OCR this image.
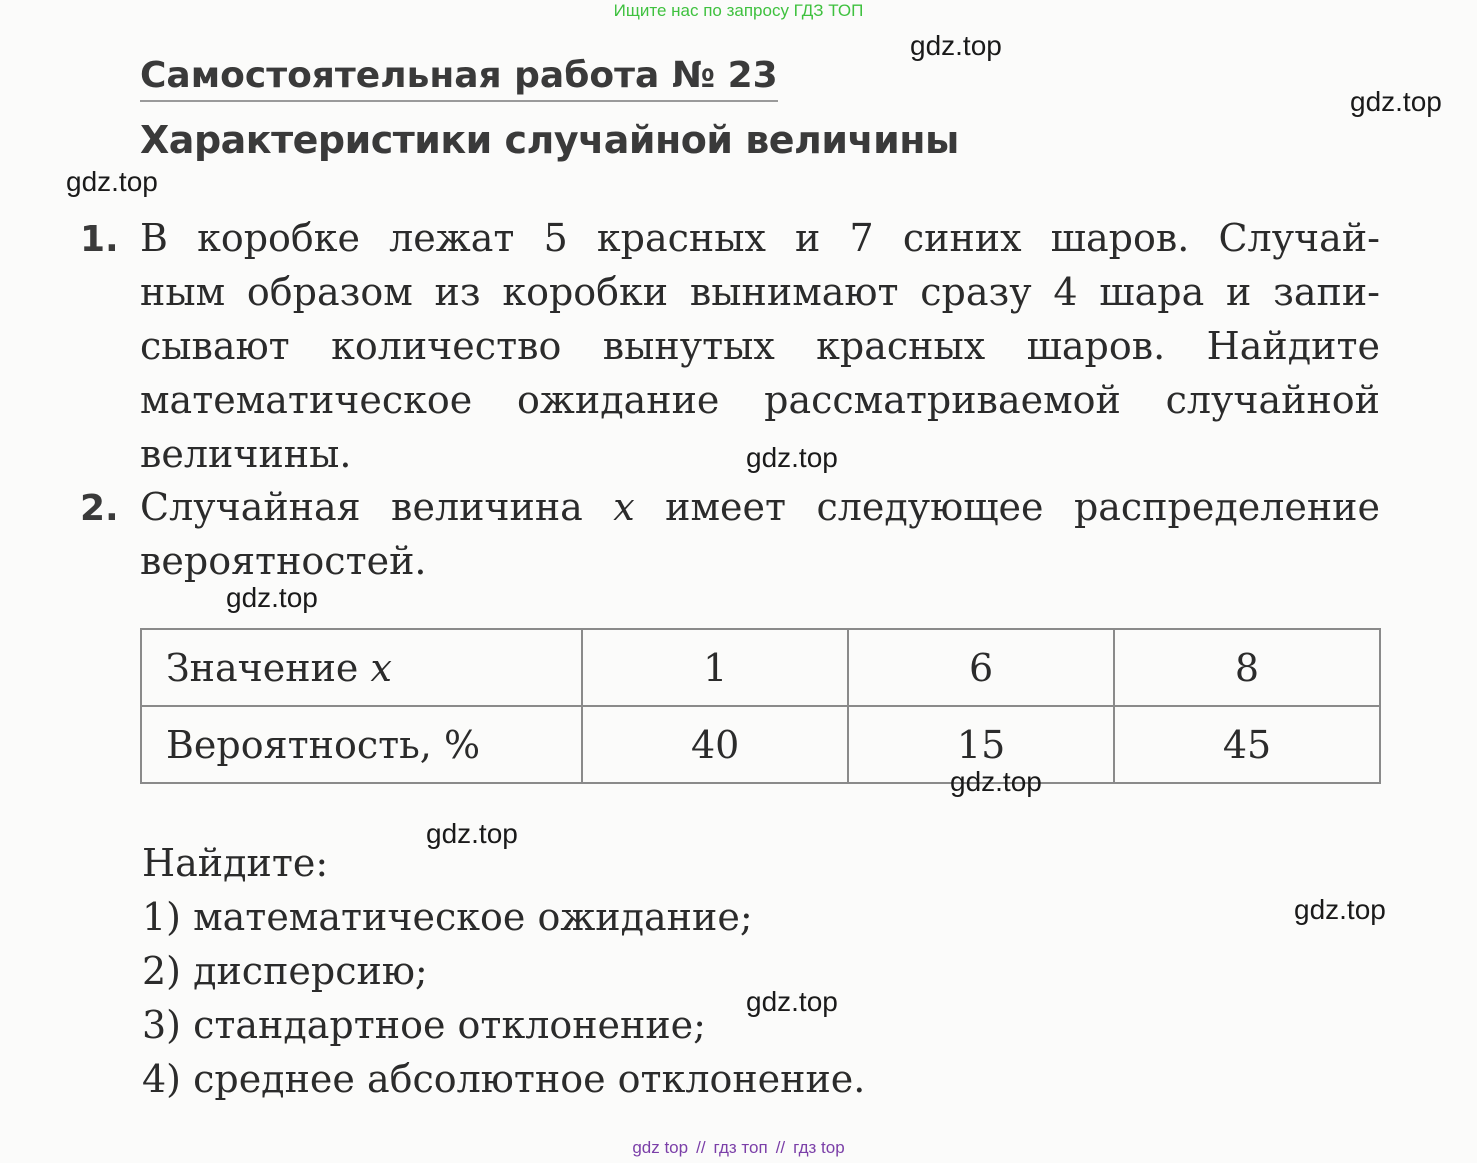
Ищите нас по запросу ГДЗ ТОП
Самостоятельная работа № 23
Характеристики случайной величины
1. В коробке лежат 5 красных и 7 синих шаров. Случай-
ным образом из коробки вынимают сразу 4 шара и запи-
сывают количество вынутых красных шаров. Найдите
математическое ожидание рассматриваемой случайной
величины.
2. Случайная величина x имеет следующее распределение
вероятностей.
Значение x	1	6	8
Вероятность, %	40	15	45
Найдите:
1) математическое ожидание;
2) дисперсию;
3) стандартное отклонение;
4) среднее абсолютное отклонение.
gdz.top
gdz.top
gdz.top
gdz.top
gdz.top
gdz.top
gdz.top
gdz.top
gdz.top
gdz top // гдз топ // гдз top
